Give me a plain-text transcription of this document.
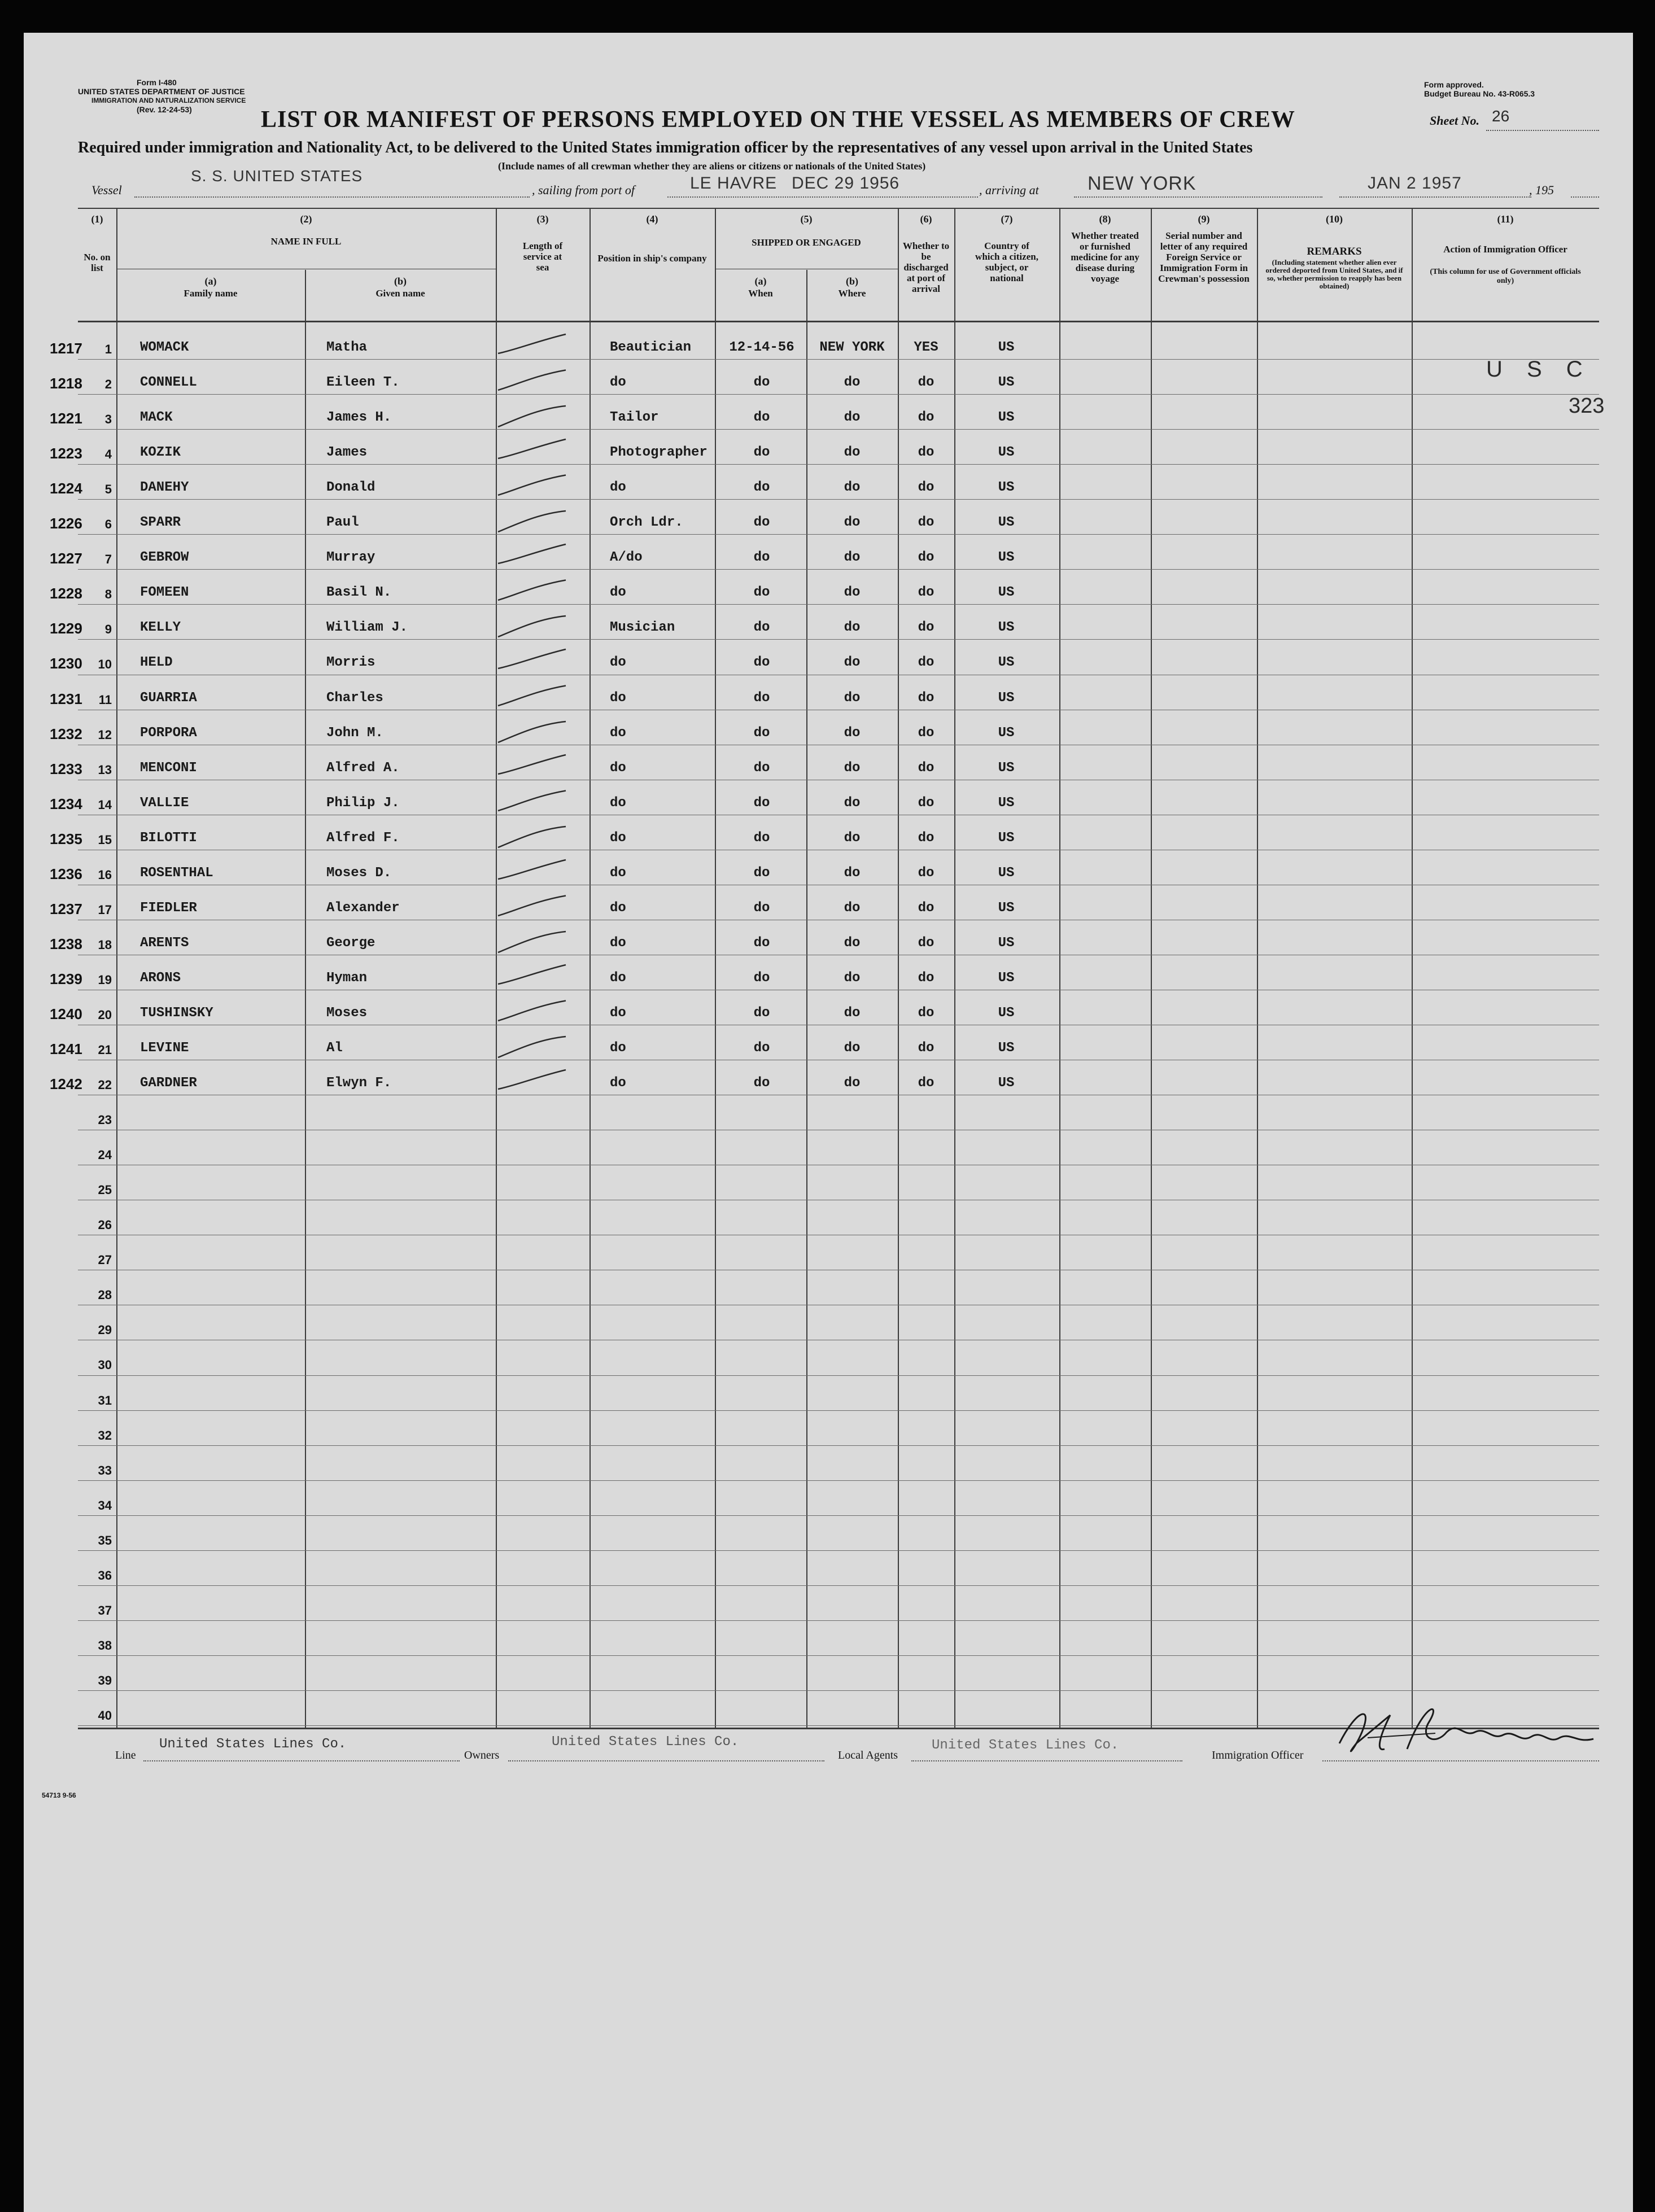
Form I-480
UNITED STATES DEPARTMENT OF JUSTICE
IMMIGRATION AND NATURALIZATION SERVICE
(Rev. 12-24-53)
Form approved.
Budget Bureau No. 43-R065.3
LIST OR MANIFEST OF PERSONS EMPLOYED ON THE VESSEL AS MEMBERS OF CREW	Sheet No. 26
Required under immigration and Nationality Act, to be delivered to the United States immigration officer by the representatives of any vessel upon arrival in the United States
(Include names of all crewman whether they are aliens or citizens or nationals of the United States)
Vessel
S. S. UNITED STATES
, sailing from port of	LE HAVRE DEC 29 1956	, arriving at	NEW YORK	JAN 2 1957	, 195
(1)
No. on list
(2)
NAME IN FULL
(a)
Family name
(b)
Given name
(3)
Length of service at sea
(4)
Position in ship's company
(5)
SHIPPED OR ENGAGED
(a)
When
(b)
Where
(6)
Whether to be discharged at port of arrival
(7)
Country of which a citizen, subject, or national
(8)
Whether treated or furnished medicine for any disease during voyage
(9)
Serial number and letter of any required Foreign Service or Immigration Form in Crewman's possession
(10)
REMARKS
(Including statement whether alien ever ordered deported from United States, and if so, whether permission to reapply has been obtained)
(11)
Action of Immigration Officer
(This column for use of Government officials only)
1
1217	WOMACK	Matha	Beautician	12-14-56	NEW YORK	YES	US
2
1218	CONNELL	Eileen T.	do	do	do	do	US
3
1221	MACK	James H.	Tailor	do	do	do	US
4
1223	KOZIK	James	Photographer	do	do	do	US
5
1224	DANEHY	Donald	do	do	do	do	US
6
1226	SPARR	Paul	Orch Ldr.	do	do	do	US
7
1227	GEBROW	Murray	A/do	do	do	do	US
8
1228	FOMEEN	Basil N.	do	do	do	do	US
9
1229	KELLY	William J.	Musician	do	do	do	US
10
1230	HELD	Morris	do	do	do	do	US
11
1231	GUARRIA	Charles	do	do	do	do	US
12
1232	PORPORA	John M.	do	do	do	do	US
13
1233	MENCONI	Alfred A.	do	do	do	do	US
14
1234	VALLIE	Philip J.	do	do	do	do	US
15
1235	BILOTTI	Alfred F.	do	do	do	do	US
16
1236	ROSENTHAL	Moses D.	do	do	do	do	US
17
1237	FIEDLER	Alexander	do	do	do	do	US
18
1238	ARENTS	George	do	do	do	do	US
19
1239	ARONS	Hyman	do	do	do	do	US
20
1240	TUSHINSKY	Moses	do	do	do	do	US
21
1241	LEVINE	Al	do	do	do	do	US
22
1242	GARDNER	Elwyn F.	do	do	do	do	US
23
24
25
26
27
28
29
30
31
32
33
34
35
36
37
38
39
40
U S C
323
Line
United States Lines Co.
Owners
United States Lines Co.
Local Agents
United States Lines Co.
Immigration Officer
54713 9-56
